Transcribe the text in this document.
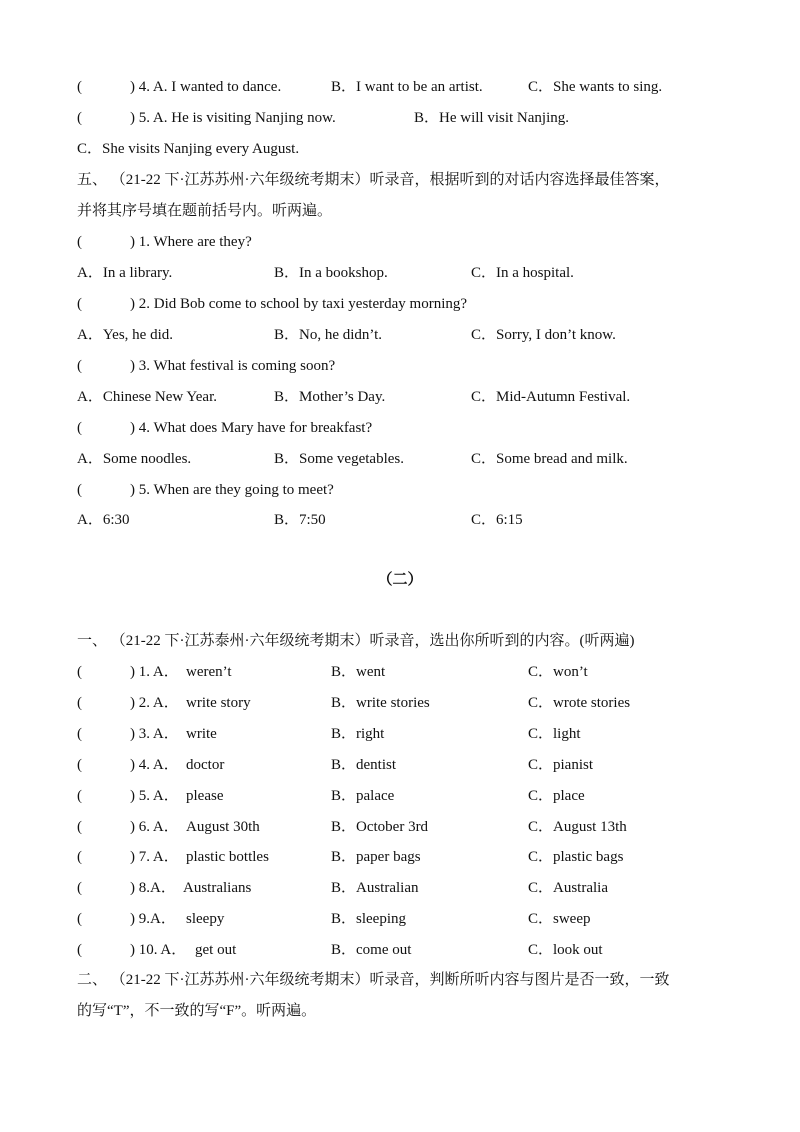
(	) 4. A. I wanted to dance.	B．I want to be an artist.	C．She wants to sing.
(	) 5. A. He is visiting Nanjing now.	B．He will visit Nanjing.
C．She visits Nanjing every August.
五、 （21-22 下·江苏苏州·六年级统考期末）听录音，根据听到的对话内容选择最佳答案，
并将其序号填在题前括号内。听两遍。
(	) 1. Where are they?
A．In a library.	B．In a bookshop.	C．In a hospital.
(	) 2. Did Bob come to school by taxi yesterday morning?
A．Yes, he did.	B．No, he didn’t.	C．Sorry, I don’t know.
(	) 3. What festival is coming soon?
A．Chinese New Year.	B．Mother’s Day.	C．Mid-Autumn Festival.
(	) 4. What does Mary have for breakfast?
A．Some noodles.	B．Some vegetables.	C．Some bread and milk.
(	) 5. When are they going to meet?
A．6:30	B．7:50	C．6:15
（二）
一、 （21-22 下·江苏泰州·六年级统考期末）听录音，选出你所听到的内容。(听两遍)
(	) 1. A． weren’t	B．went	C．won’t
(	) 2. A． write story	B．write stories	C．wrote stories
(	) 3. A． write	B．right	C．light
(	) 4. A． doctor	B．dentist	C．pianist
(	) 5. A． please	B．palace	C．place
(	) 6. A． August 30th	B．October 3rd	C．August 13th
(	) 7. A． plastic bottles	B．paper bags	C．plastic bags
(	) 8.A． Australians	B．Australian	C．Australia
(	) 9.A． sleepy	B．sleeping	C．sweep
(	) 10. A． get out	B．come out	C．look out
二、 （21-22 下·江苏苏州·六年级统考期末）听录音，判断所听内容与图片是否一致，一致
的写“T”，不一致的写“F”。听两遍。
